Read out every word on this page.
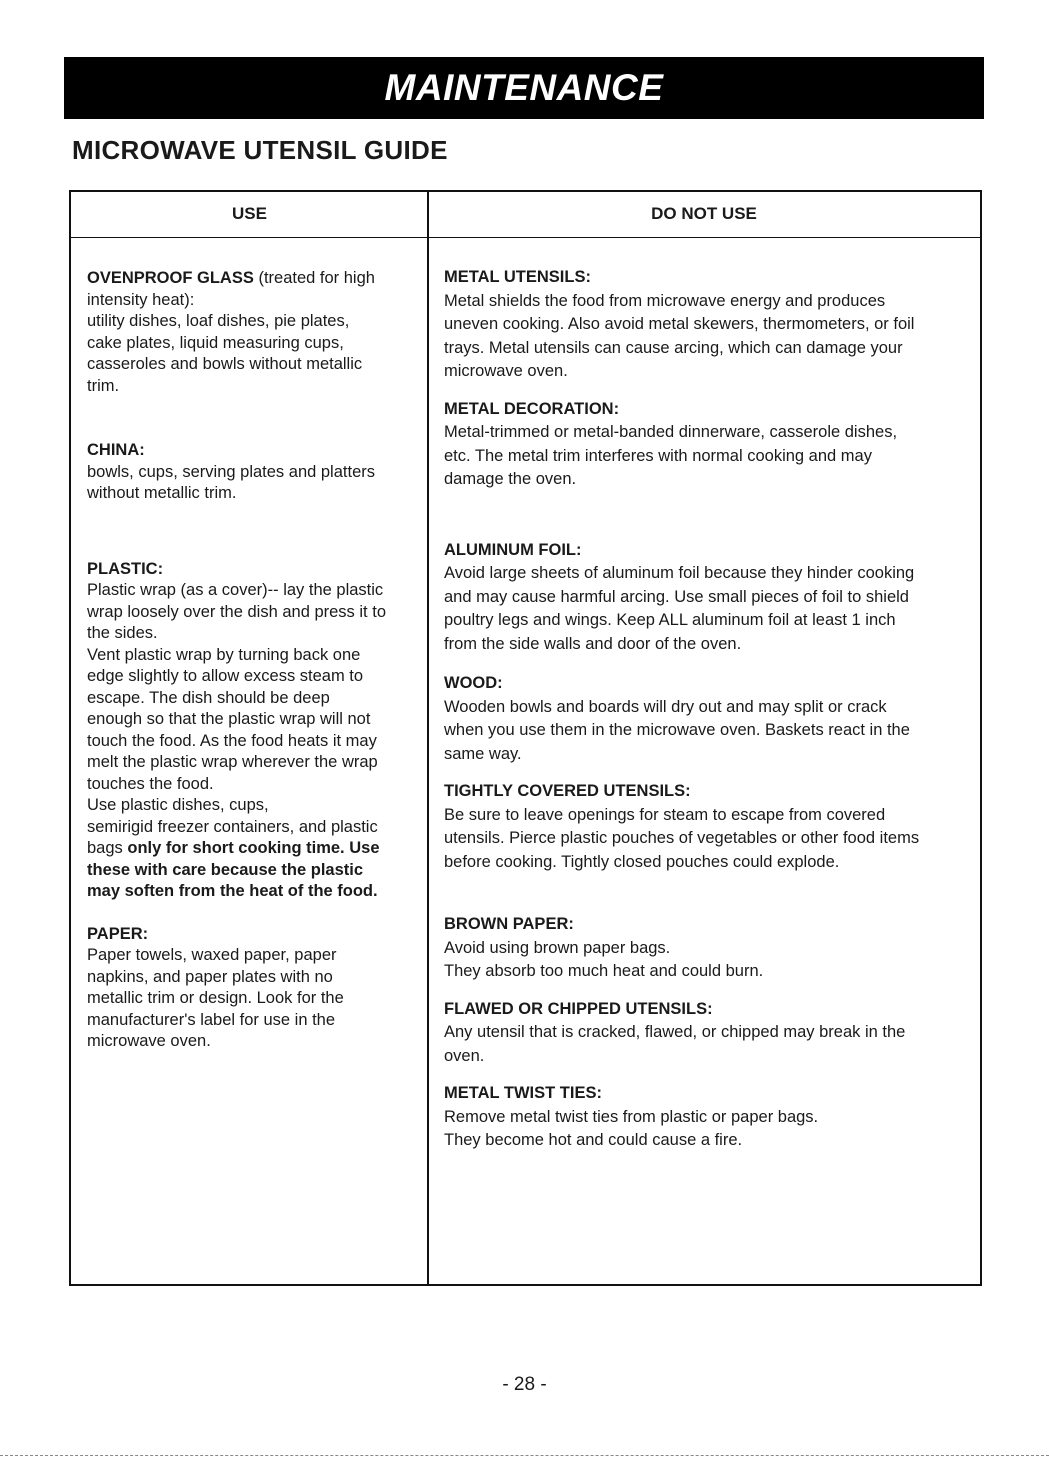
MAINTENANCE
MICROWAVE UTENSIL GUIDE
USE	DO NOT USE

OVENPROOF GLASS (treated for high

intensity heat):

utility dishes, loaf dishes, pie plates,

cake plates, liquid measuring cups,

casseroles and bowls without metallic

trim.

CHINA:

bowls, cups, serving plates and platters

without metallic trim.

PLASTIC:

Plastic wrap (as a cover)-- lay the plastic

wrap loosely over the dish and press it to

the sides.

Vent plastic wrap by turning back one

edge slightly to allow excess steam to

escape. The dish should be deep

enough so that the plastic wrap will not

touch the food. As the food heats it may

melt the plastic wrap wherever the wrap

touches the food.

Use plastic dishes, cups,

semirigid freezer containers, and plastic

bags only for short cooking time. Use

these with care because the plastic

may soften from the heat of the food.

PAPER:

Paper towels, waxed paper, paper

napkins, and paper plates with no

metallic trim or design. Look for the

manufacturer's label for use in the

microwave oven.

METAL UTENSILS:

Metal shields the food from microwave energy and produces

uneven cooking. Also avoid metal skewers, thermometers, or foil

trays. Metal utensils can cause arcing, which can damage your

microwave oven.

METAL DECORATION:

Metal-trimmed or metal-banded dinnerware, casserole dishes,

etc. The metal trim interferes with normal cooking and may

damage the oven.

ALUMINUM FOIL:

Avoid large sheets of aluminum foil because they hinder cooking

and may cause harmful arcing. Use small pieces of foil to shield

poultry legs and wings. Keep ALL aluminum foil at least 1 inch

from the side walls and door of the oven.

WOOD:

Wooden bowls and boards will dry out and may split or crack

when you use them in the microwave oven. Baskets react in the

same way.

TIGHTLY COVERED UTENSILS:

Be sure to leave openings for steam to escape from covered

utensils. Pierce plastic pouches of vegetables or other food items

before cooking. Tightly closed pouches could explode.

BROWN PAPER:

Avoid using brown paper bags.

They absorb too much heat and could burn.

FLAWED OR CHIPPED UTENSILS:

Any utensil that is cracked, flawed, or chipped may break in the

oven.

METAL TWIST TIES:

Remove metal twist ties from plastic or paper bags.

They become hot and could cause a fire.

- 28 -
